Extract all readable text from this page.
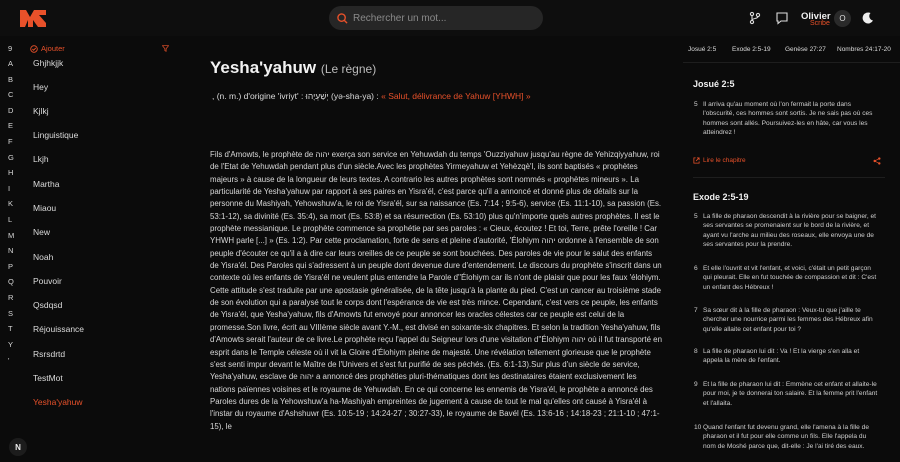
Rechercher un mot...
Olivier
Scribe
O
9
A
B
C
D
E
F
G
H
I
K
L
M
N
P
Q
R
S
T
Y
'
Ajouter
Ghjhkjjk
Hey
Kjlkj
Linguistique
Lkjh
Martha
Miaou
New
Noah
Pouvoir
Qsdqsd
Réjouissance
Rsrsdrtd
TestMot
Yesha'yahuw
N
Yesha'yahuw (Le règne)
, (n. m.) d'origine 'ivriyt' : יְשַׁעְיָהוּ (yə-sha-ya) : « Salut, délivrance de Yahuw [YHWH] »
Fils d'Amowts, le prophète de יהוה exerça son service en Yehuwdah du temps 'Ouzziyahuw jusqu'au règne de Yehizqiyyahuw, roi de l'Etat de Yehuwdah pendant plus d'un siècle.Avec les prophètes Yirmeyahuw et Yehèzqè'l, ils sont baptisés « prophètes majeurs » à cause de la longueur de leurs textes. A contrario les autres prophètes sont nommés « prophètes mineurs ». La particularité de Yesha'yahuw par rapport à ses paires en Yisra'él, c'est parce qu'il a annoncé et donné plus de détails sur la personne du Mashiyah, Yehowshuw'a, le roi de Yisra'él, sur sa naissance (Es. 7:14 ; 9:5-6), service (Es. 11:1-10), sa passion (Es. 53:1-12), sa divinité (Es. 35:4), sa mort (Es. 53:8) et sa résurrection (Es. 53:10) plus qu'n'importe quels autres prophètes. Il est le prophète messianique. Le prophète commence sa prophétie par ses paroles : « Cieux, écoutez ! Et toi, Terre, prête l'oreille ! Car YHWH parle [...] » (Es. 1:2). Par cette proclamation, forte de sens et pleine d'autorité, 'Élohiym יהוה ordonne à l'ensemble de son peuple d'écouter ce qu'il a à dire car leurs oreilles de ce peuple se sont bouchées. Des paroles de vie pour le salut des enfants de Yisra'él. Des Paroles qui s'adressent à un peuple dont devenue dure d'entendement. Le discours du prophète s'inscrit dans un contexte où les enfants de Yisra'él ne veulent plus entendre la Parole d''Élohiym car ils n'ont de plaisir que pour les faux 'élohiym. Cette attitude s'est traduite par une apostasie généralisée, de la tête jusqu'à la plante du pied. C'est un cancer au troisième stade de son évolution qui a paralysé tout le corps dont l'espérance de vie est très mince. Cependant, c'est vers ce peuple, les enfants de Yisra'él, que Yesha'yahuw, fils d'Amowts fut envoyé pour annoncer les oracles célestes car ce peuple est celui de la promesse.Son livre, écrit au VIIIème siècle avant Y.-M., est divisé en soixante-six chapitres. Et selon la tradition Yesha'yahuw, fils d'Amowts serait l'auteur de ce livre.Le prophète reçu l'appel du Seigneur lors d'une visitation d''Élohiym יהוה où il fut transporté en esprit dans le Temple céleste où il vit la Gloire d'Élohiym pleine de majesté. Une révélation tellement glorieuse que le prophète s'est senti impur devant le Maître de l'Univers et s'est fut purifié de ses péchés. (Es. 6:1-13).Sur plus d'un siècle de service, Yesha'yahuw, esclave de יהוה a annoncé des prophéties pluri-thématiques dont les destinataires étaient exclusivement les nations païennes voisines et le royaume de Yehuwdah. En ce qui concerne les ennemis de Yisra'él, le prophète a annoncé des Paroles dures de la Yehowshuw'a ha-Mashiyah empreintes de jugement à cause de tout le mal qu'elles ont causé à Yisra'él à l'instar du royaume d'Ashshuwr (Es. 10:5-19 ; 14:24-27 ; 30:27-33), le royaume de Bavél (Es. 13:6-16 ; 14:18-23 ; 21:1-10 ; 47:1-15), le
Josué 2:5 Exode 2:5-19 Genèse 27:27 Nombres 24:17-20
Josué 2:5
5 Il arriva qu'au moment où l'on fermait la porte dans l'obscurité, ces hommes sont sortis. Je ne sais pas où ces hommes sont allés. Poursuivez-les en hâte, car vous les atteindrez !
Lire le chapitre
Exode 2:5-19
5 La fille de pharaon descendit à la rivière pour se baigner, et ses servantes se promenaient sur le bord de la rivière, et ayant vu l'arche au milieu des roseaux, elle envoya une de ses servantes pour la prendre.
6 Et elle l'ouvrit et vit l'enfant, et voici, c'était un petit garçon qui pleurait. Elle en fut touchée de compassion et dit : C'est un enfant des Hébreux !
7 Sa sœur dit à la fille de pharaon : Veux-tu que j'aille te chercher une nourrice parmi les femmes des Hébreux afin qu'elle allaite cet enfant pour toi ?
8 La fille de pharaon lui dit : Va ! Et la vierge s'en alla et appela la mère de l'enfant.
9 Et la fille de pharaon lui dit : Emmène cet enfant et allaite-le pour moi, je te donnerai ton salaire. Et la femme prit l'enfant et l'allaita.
10 Quand l'enfant fut devenu grand, elle l'amena à la fille de pharaon et il fut pour elle comme un fils. Elle l'appela du nom de Moshé parce que, dit-elle : Je l'ai tiré des eaux.
